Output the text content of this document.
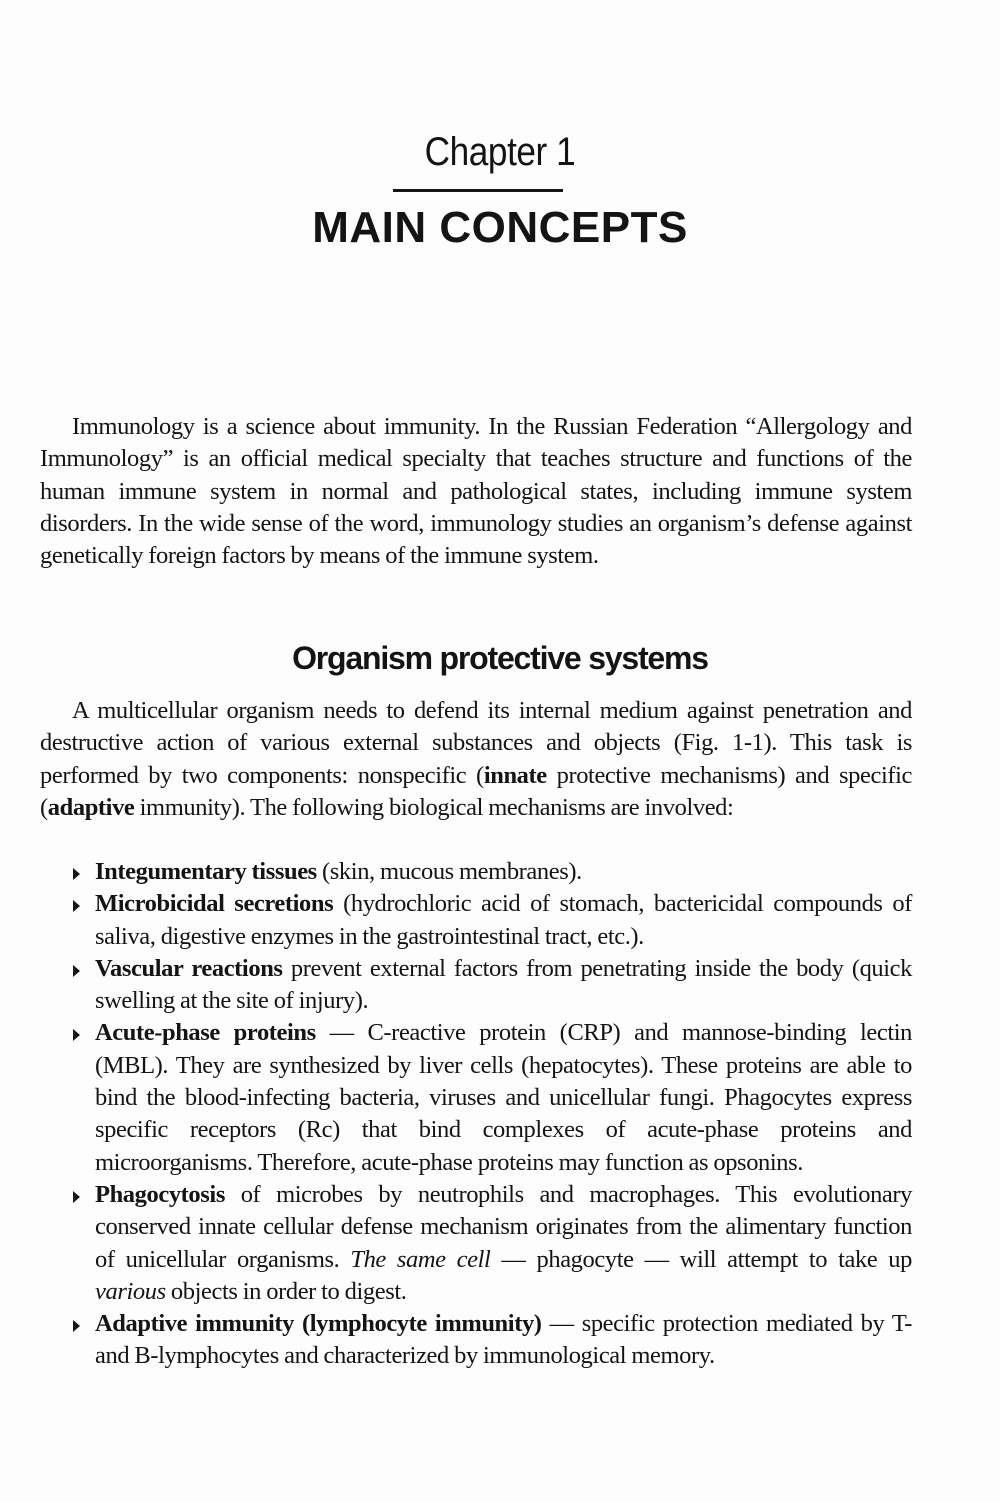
Chapter 1
MAIN CONCEPTS

Immunology is a science about immunity. In the Russian Federation “Allergology and Immunology” is an official medical specialty that teaches structure and functions of the human immune system in normal and pathological states, including immune system disorders. In the wide sense of the word, immunology studies an organism’s defense against genetically foreign factors by means of the immune system.

Organism protective systems

A multicellular organism needs to defend its internal medium against penetration and destructive action of various external substances and objects (Fig. 1-1). This task is performed by two components: nonspecific (innate protective mechanisms) and specific (adaptive immunity). The following biological mechanisms are involved:

Integumentary tissues (skin, mucous membranes).
Microbicidal secretions (hydrochloric acid of stomach, bactericidal compounds of saliva, digestive enzymes in the gastrointestinal tract, etc.).
Vascular reactions prevent external factors from penetrating inside the body (quick swelling at the site of injury).
Acute-phase proteins — C-reactive protein (CRP) and mannose-binding lectin (MBL). They are synthesized by liver cells (hepatocytes). These proteins are able to bind the blood-infecting bacteria, viruses and unicellular fungi. Phagocytes express specific receptors (Rc) that bind complexes of acute-phase proteins and microorganisms. Therefore, acute-phase proteins may function as opsonins.
Phagocytosis of microbes by neutrophils and macrophages. This evolutionary conserved innate cellular defense mechanism originates from the alimentary function of unicellular organisms. The same cell — phagocyte — will attempt to take up various objects in order to digest.
Adaptive immunity (lymphocyte immunity) — specific protection mediated by T- and B-lymphocytes and characterized by immunological memory.
